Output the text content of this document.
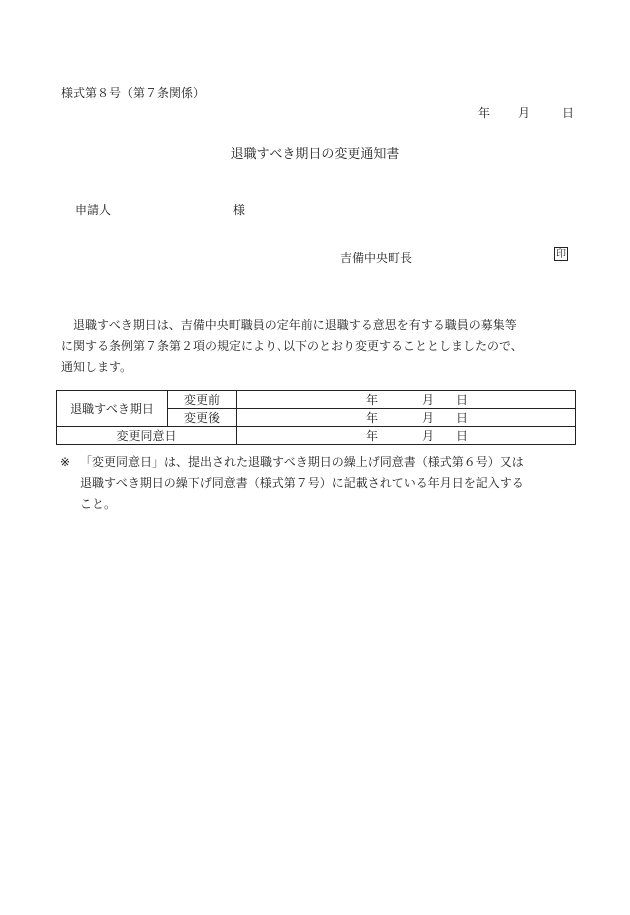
様式第８号（第７条関係）
年 月	日
退職すべき期日の変更通知書
申請人	様
吉備中央町長	印

退職すべき期日は、吉備中央町職員の定年前に退職する意思を有する職員の募集等

に関する条例第７条第２項の規定により､以下のとおり変更することとしましたので、

通知します。

退職すべき期日	変更前	年 月 日
	変更後	年 月 日
変更同意日		年 月 日
※ 「変更同意日」は、提出された退職すべき期日の繰上げ同意書（様式第６号）又は

退職すべき期日の繰下げ同意書（様式第７号）に記載されている年月日を記入する

こと。
